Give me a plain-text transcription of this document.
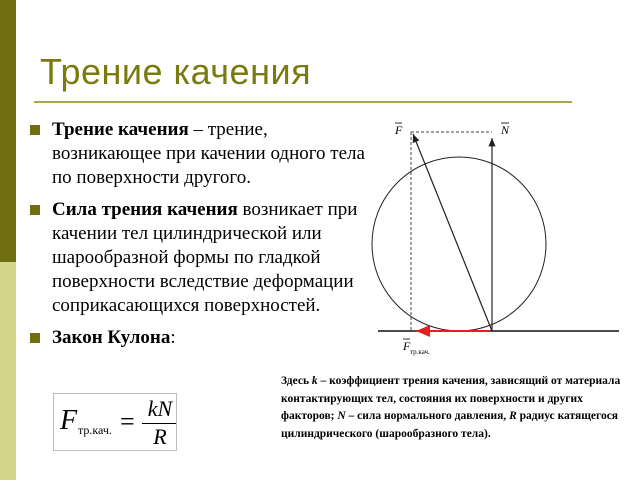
Трение качения
Трение качения – трение, возникающее при качении одного тела по поверхности другого.
Сила трения качения возникает при качении тел цилиндрической или шарообразной формы по гладкой поверхности вследствие деформации соприкасающихся поверхностей.
Закон Кулона:
F тр.кач. = kN
R
F	N
F тр.кач.
Здесь k – коэффициент трения качения, зависящий от материала контактирующих тел, состояния их поверхности и других факторов; N – сила нормального давления, R радиус катящегося цилиндрического (шарообразного тела).
